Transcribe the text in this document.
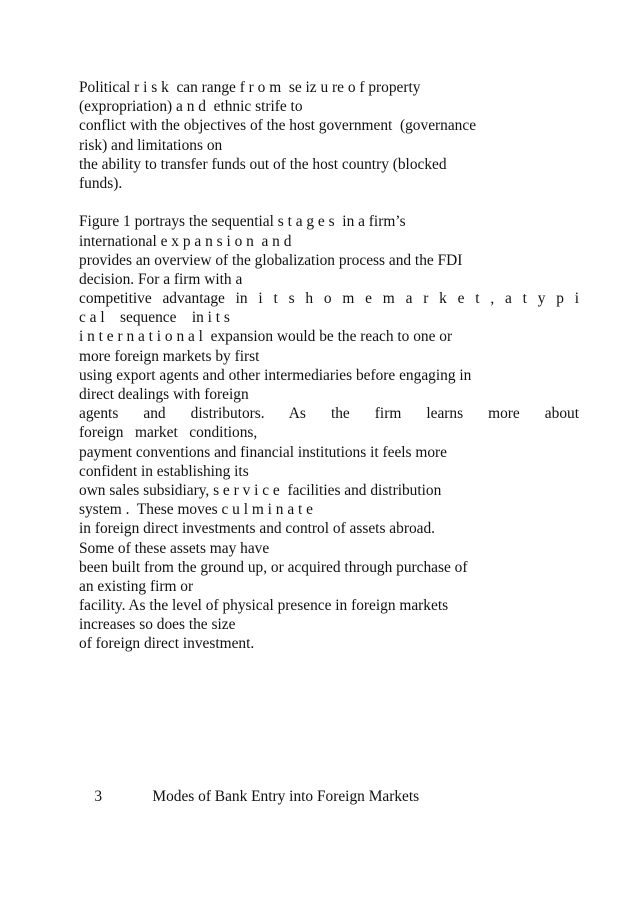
Political r i s k  can range f r o m  se iz u re o f property
(expropriation) a n d  ethnic strife to
conflict with the objectives of the host government  (governance
risk) and limitations on
the ability to transfer funds out of the host country (blocked
funds).
Figure 1 portrays the sequential s t a g e s  in a firm’s
international e x p a n s i o n  a n d
provides an overview of the globalization process and the FDI
decision. For a firm with a
competitive advantage in i t s h o m e m a r k e t , a t y p i
c a l    sequence    in i t s
i n t e r n a t i o n a l  expansion would be the reach to one or
more foreign markets by first
using export agents and other intermediaries before engaging in
direct dealings with foreign
agents and distributors. As the firm learns more about
foreign   market   conditions,
payment conventions and financial institutions it feels more
confident in establishing its
own sales subsidiary, s e r v i c e  facilities and distribution
system .  These moves c u l m i n a t e
in foreign direct investments and control of assets abroad.
Some of these assets may have
been built from the ground up, or acquired through purchase of
an existing firm or
facility. As the level of physical presence in foreign markets
increases so does the size
of foreign direct investment.

3	Modes of Bank Entry into Foreign Markets
